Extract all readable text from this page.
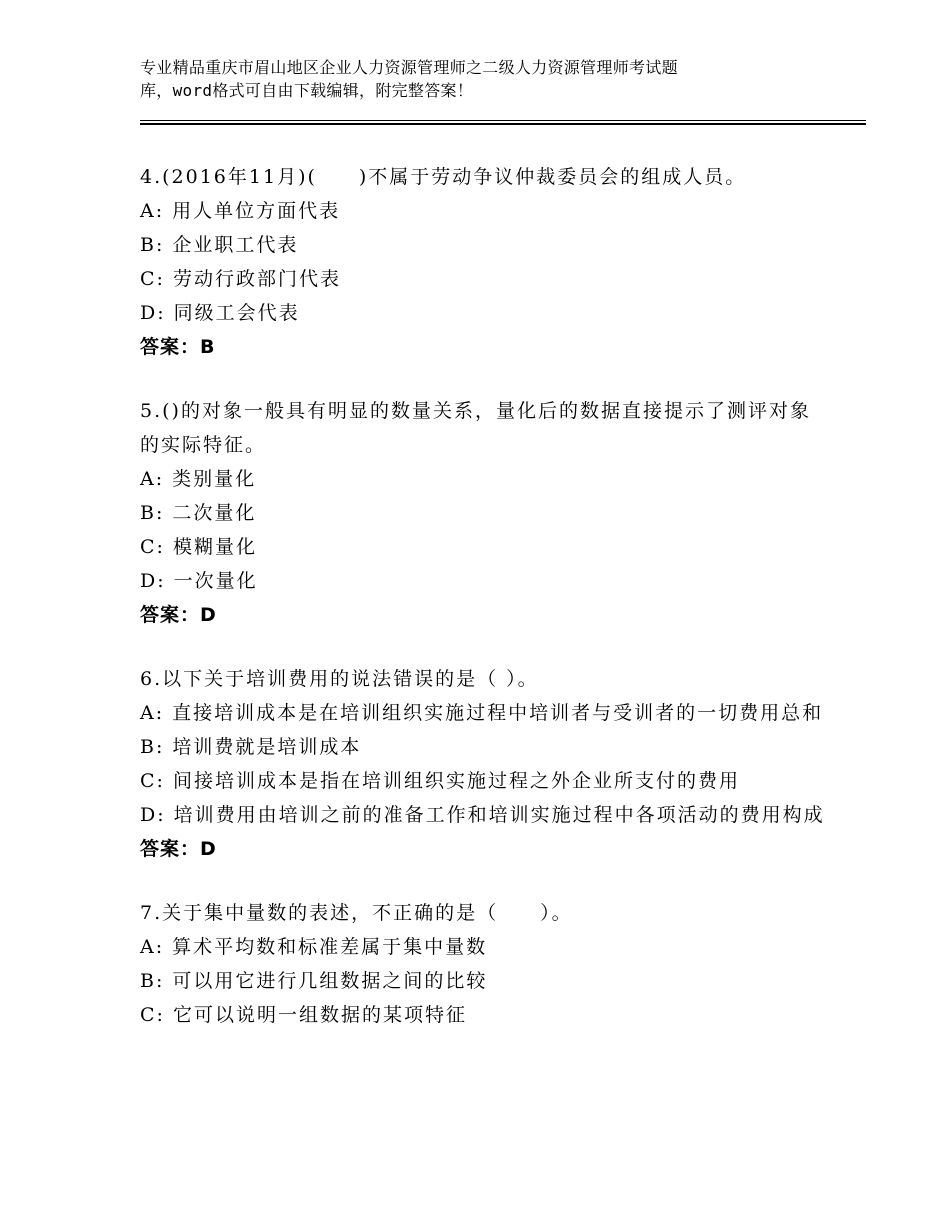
专业精品重庆市眉山地区企业人力资源管理师之二级人力资源管理师考试题
库，word格式可自由下载编辑，附完整答案！

4.(2016年11月)(　　)不属于劳动争议仲裁委员会的组成人员。

A: 用人单位方面代表

B: 企业职工代表

C: 劳动行政部门代表

D: 同级工会代表

答案：B

5.()的对象一般具有明显的数量关系，量化后的数据直接提示了测评对象的实际特征。

A: 类别量化

B: 二次量化

C: 模糊量化

D: 一次量化

答案：D

6.以下关于培训费用的说法错误的是（ ）。

A: 直接培训成本是在培训组织实施过程中培训者与受训者的一切费用总和

B: 培训费就是培训成本

C: 间接培训成本是指在培训组织实施过程之外企业所支付的费用

D: 培训费用由培训之前的准备工作和培训实施过程中各项活动的费用构成

答案：D

7.关于集中量数的表述，不正确的是（　　）。

A: 算术平均数和标准差属于集中量数

B: 可以用它进行几组数据之间的比较

C: 它可以说明一组数据的某项特征
